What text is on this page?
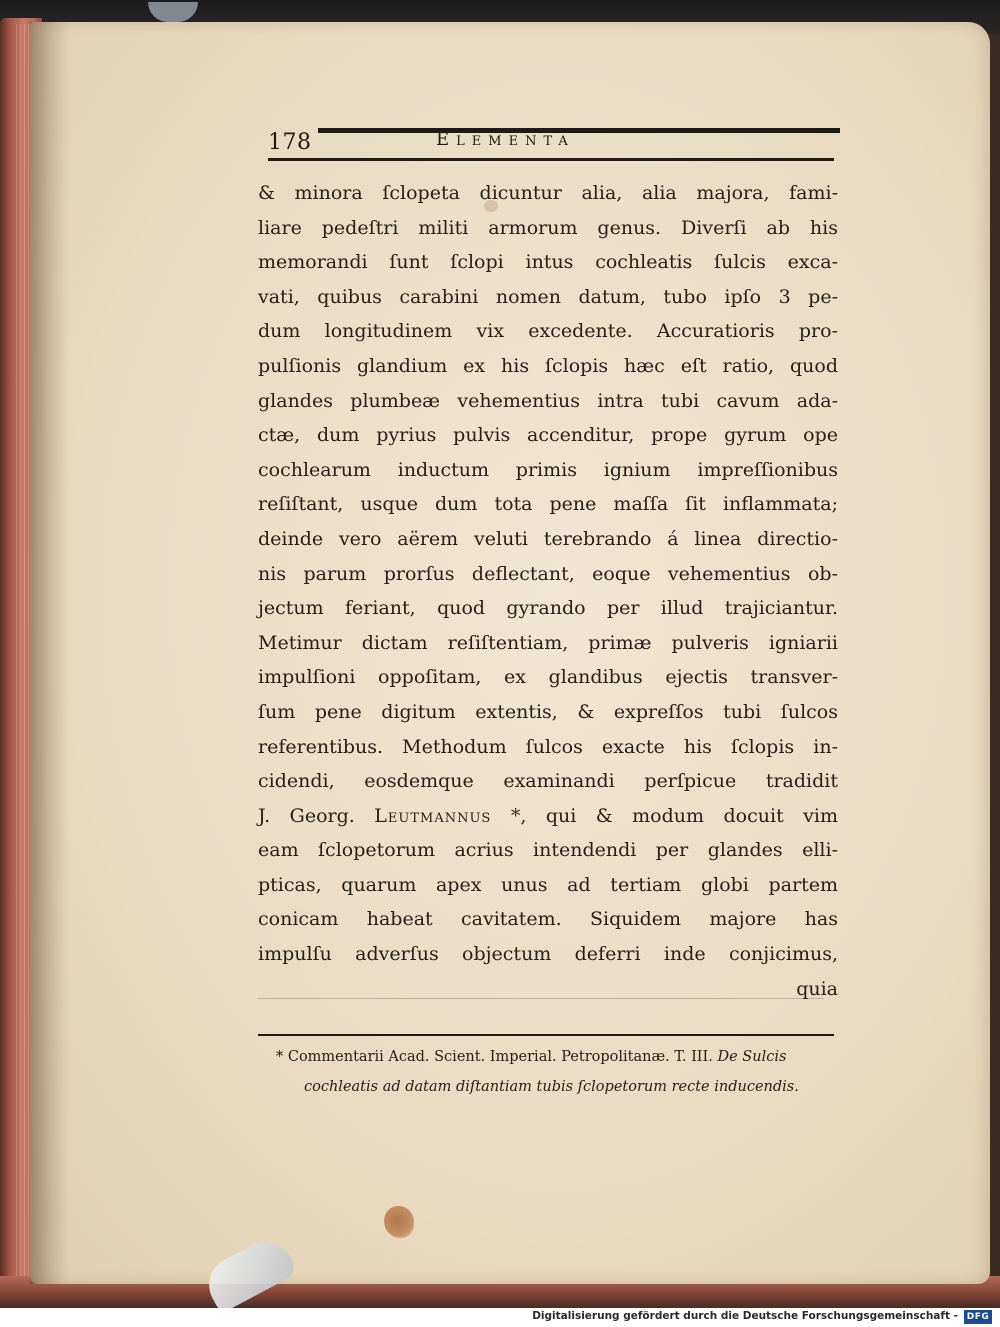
178	Elementa
& minora ſclopeta dicuntur alia, alia majora, fami-
liare pedeſtri militi armorum genus. Diverſi ab his
memorandi ſunt ſclopi intus cochleatis ſulcis exca-
vati, quibus carabini nomen datum, tubo ipſo 3 pe-
dum longitudinem vix excedente. Accuratioris pro-
pulſionis glandium ex his ſclopis hæc eſt ratio, quod
glandes plumbeæ vehementius intra tubi cavum ada-
ctæ, dum pyrius pulvis accenditur, prope gyrum ope
cochlearum inductum primis ignium impreſſionibus
reſiſtant, usque dum tota pene maſſa ſit inflammata;
deinde vero aërem veluti terebrando á linea directio-
nis parum prorſus deflectant, eoque vehementius ob-
jectum feriant, quod gyrando per illud trajiciantur.
Metimur dictam reſiſtentiam, primæ pulveris igniarii
impulſioni oppoſitam, ex glandibus ejectis transver-
ſum pene digitum extentis, & expreſſos tubi ſulcos
referentibus. Methodum ſulcos exacte his ſclopis in-
cidendi, eosdemque examinandi perſpicue tradidit
J. Georg. Leutmannus *, qui & modum docuit vim
eam ſclopetorum acrius intendendi per glandes elli-
pticas, quarum apex unus ad tertiam globi partem
conicam habeat cavitatem. Siquidem majore has
impulſu adverſus objectum deferri inde conjicimus,
quia
* Commentarii Acad. Scient. Imperial. Petropolitanæ. T. III. De Sulcis
cochleatis ad datam diſtantiam tubis ſclopetorum recte inducendis.
Digitalisierung gefördert durch die Deutsche Forschungsgemeinschaft - DFG
